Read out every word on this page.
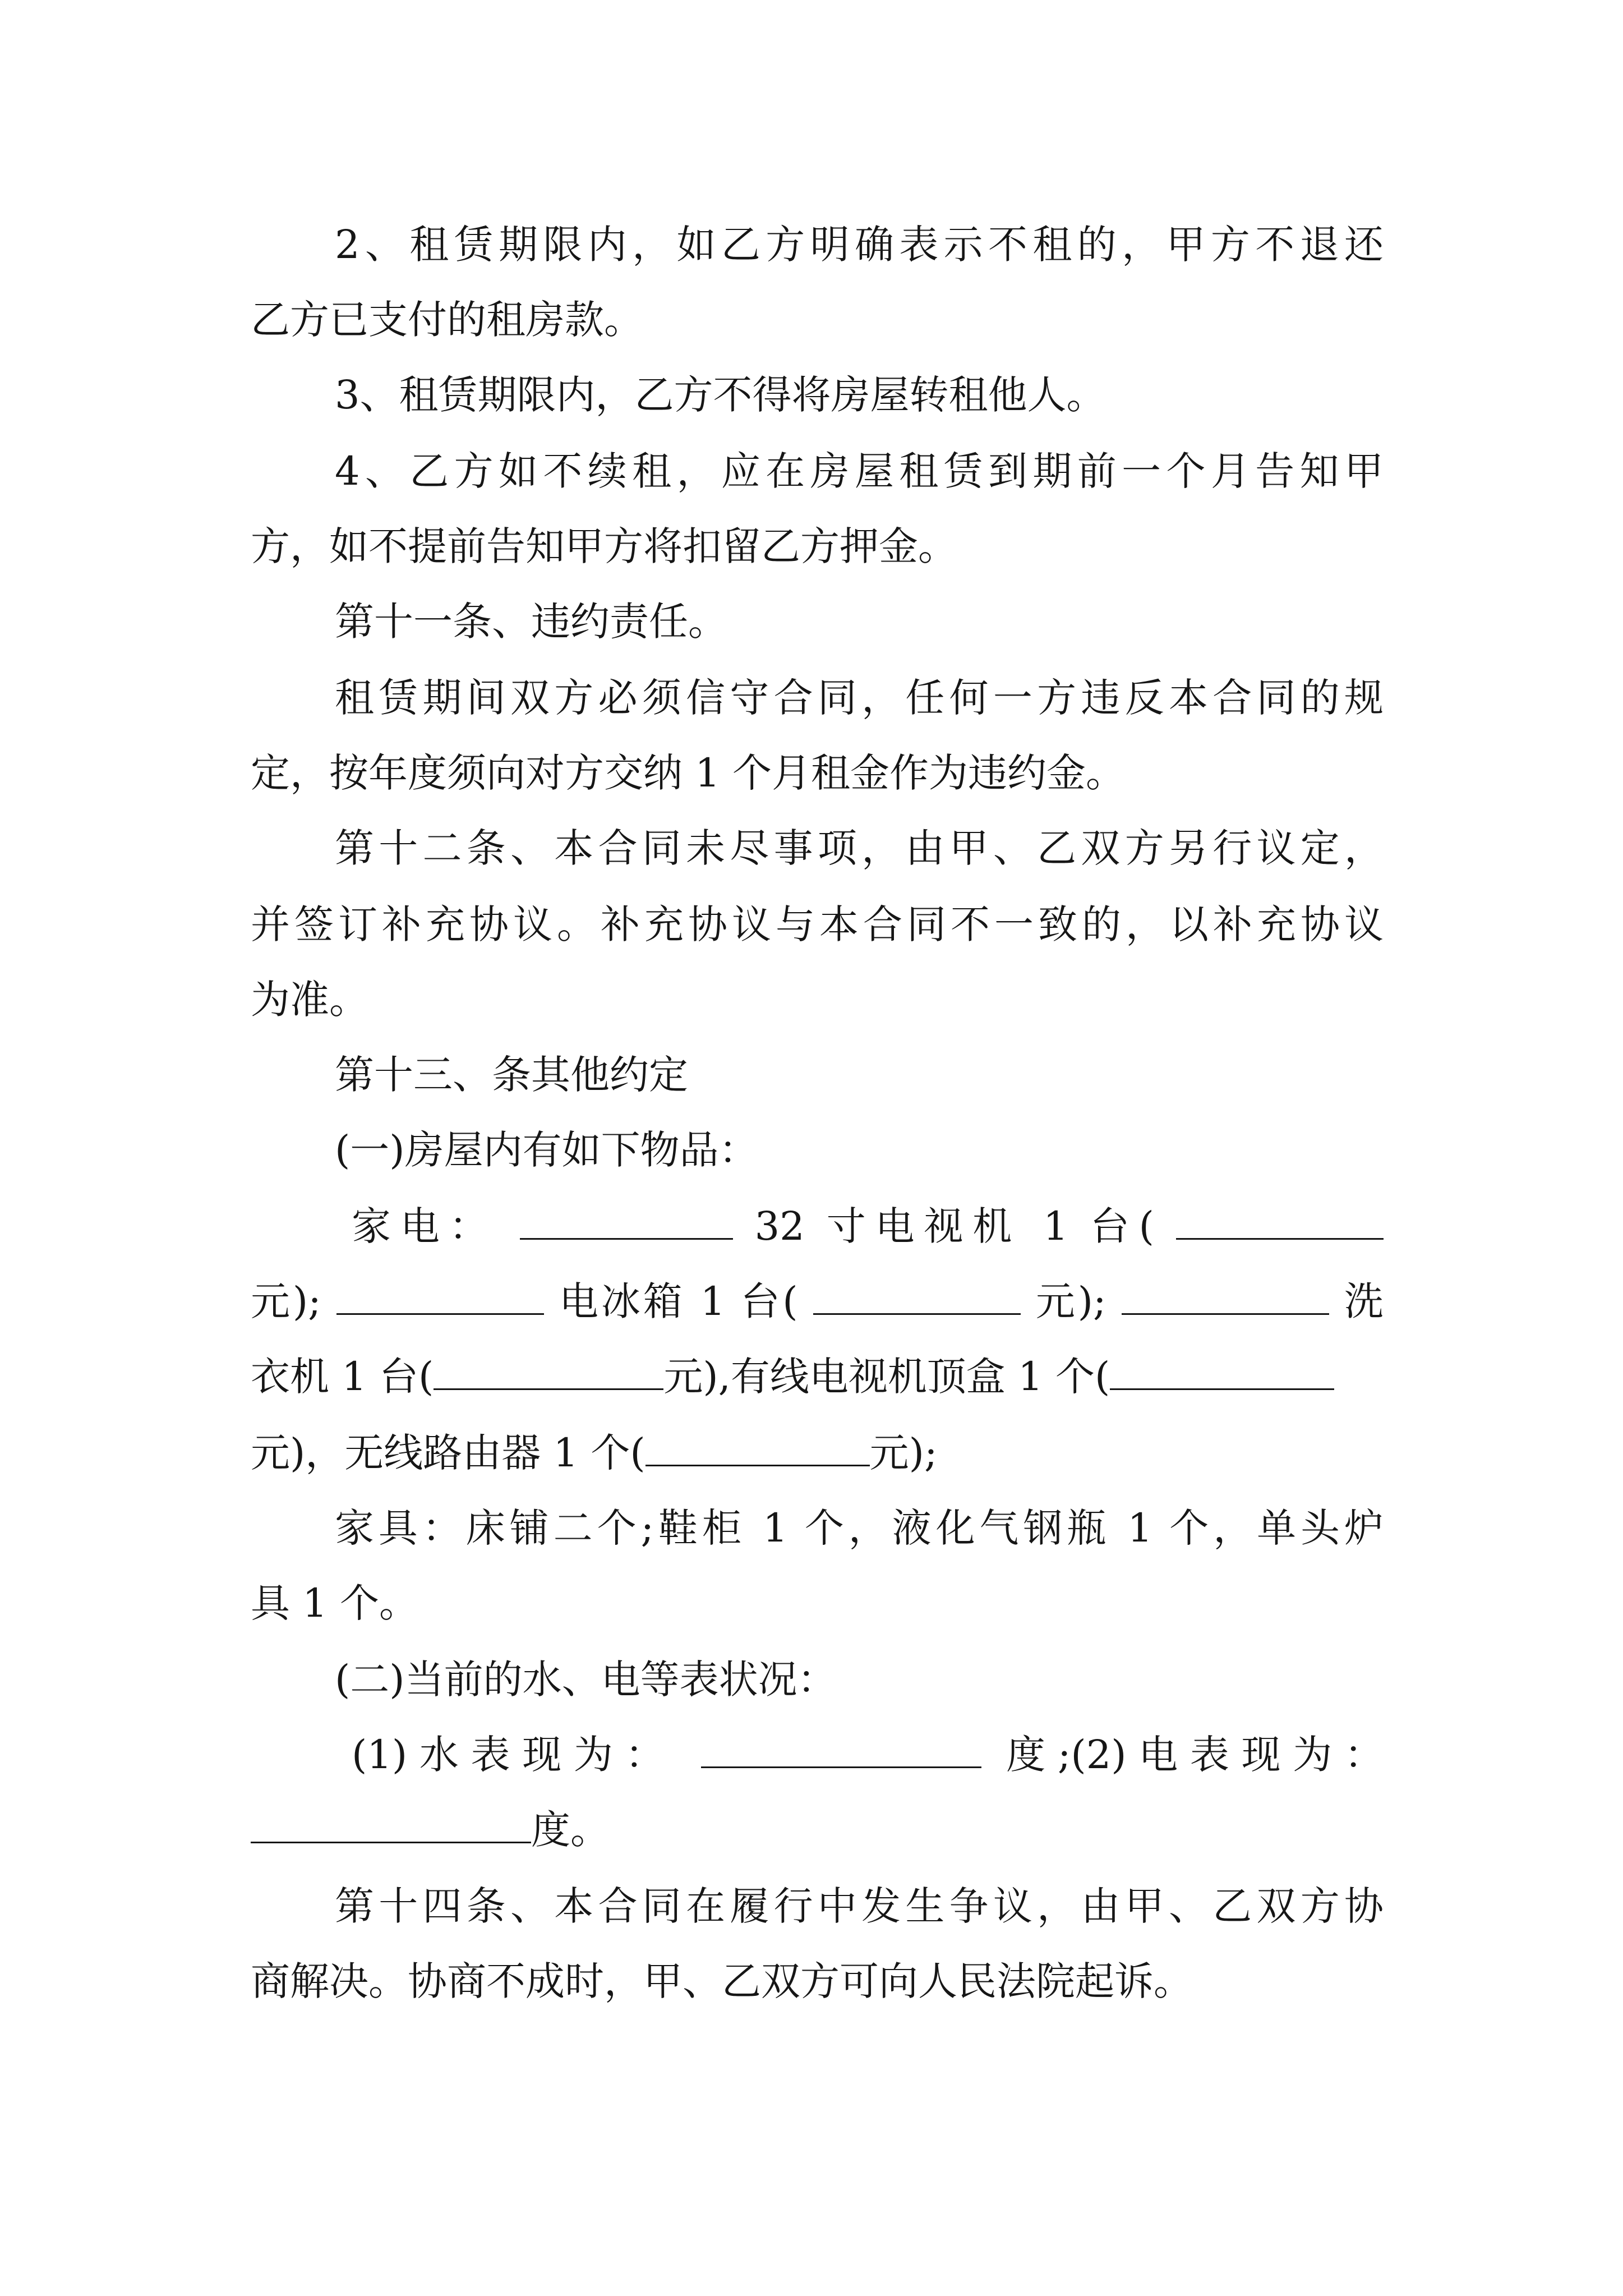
2、租赁期限内，如乙方明确表示不租的，甲方不退还

乙方已支付的租房款。

3、租赁期限内，乙方不得将房屋转租他人。

4、乙方如不续租，应在房屋租赁到期前一个月告知甲

方，如不提前告知甲方将扣留乙方押金。

第十一条、违约责任。

租赁期间双方必须信守合同，任何一方违反本合同的规

定，按年度须向对方交纳 1 个月租金作为违约金。

第十二条、本合同未尽事项，由甲、乙双方另行议定，

并签订补充协议。补充协议与本合同不一致的，以补充协议

为准。

第十三、条其他约定

(一)房屋内有如下物品：

家电：	32 寸电视机 1 台(
元);	电冰箱 1 台(	元);	洗
衣机 1 台(	元),有线电视机顶盒 1 个(
元)，无线路由器 1 个(	元);

家具：床铺二个;鞋柜 1 个，液化气钢瓶 1 个，单头炉

具 1 个。

(二)当前的水、电等表状况：

(1)水表现为：	度;(2)电表现为：
度。

第十四条、本合同在履行中发生争议，由甲、乙双方协

商解决。协商不成时，甲、乙双方可向人民法院起诉。
